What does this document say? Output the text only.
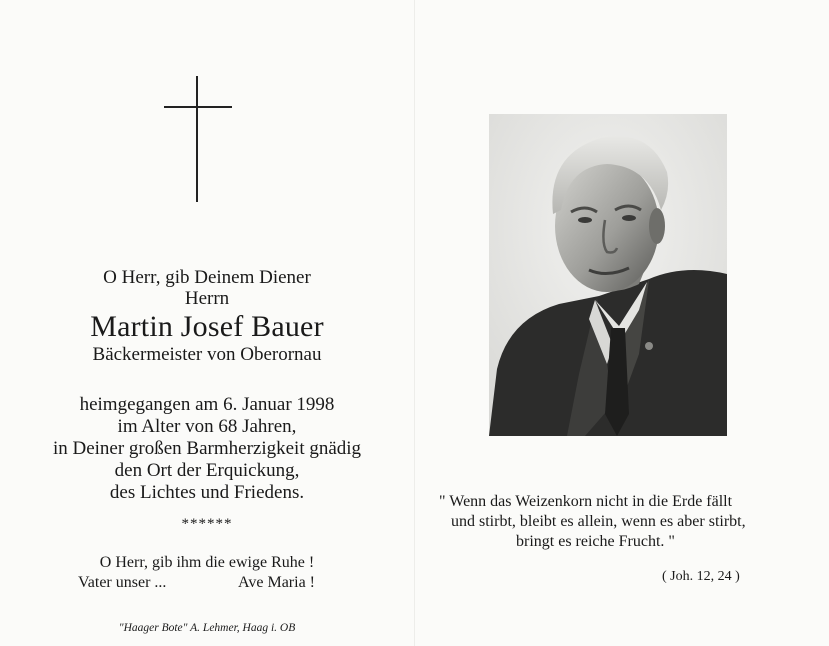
O Herr, gib Deinem Diener
Herrn
Martin Josef Bauer
Bäckermeister von Oberornau
heimgegangen am 6. Januar 1998
im Alter von 68 Jahren,
in Deiner großen Barmherzigkeit gnädig
den Ort der Erquickung,
des Lichtes und Friedens.
******
O Herr, gib ihm die ewige Ruhe !
Vater unser ...	Ave Maria !
"Haager Bote" A. Lehmer, Haag i. OB
" Wenn das Weizenkorn nicht in die Erde fällt
und stirbt, bleibt es allein, wenn es aber stirbt,
bringt es reiche Frucht. "
( Joh. 12, 24 )
